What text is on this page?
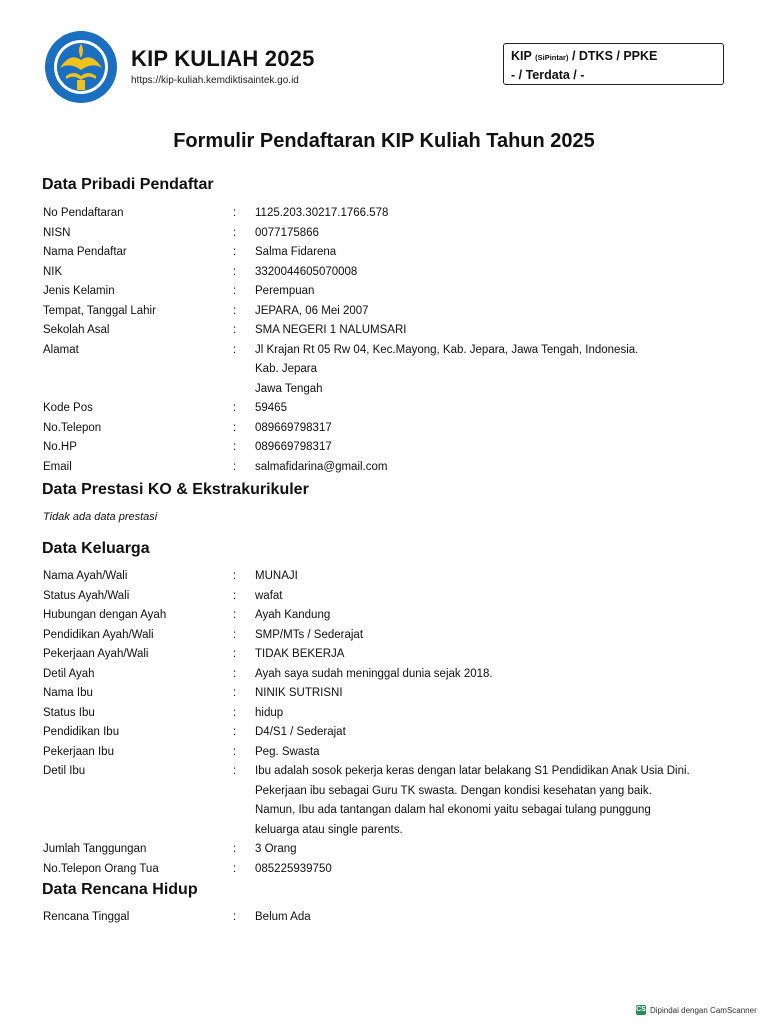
KIP KULIAH 2025
https://kip-kuliah.kemdiktisaintek.go.id
KIP (SiPintar) / DTKS / PPKE
- / Terdata / -
Formulir Pendaftaran KIP Kuliah Tahun 2025
Data Pribadi Pendaftar
No Pendaftaran	: 1125.203.30217.1766.578
NISN	: 0077175866
Nama Pendaftar	: Salma Fidarena
NIK	: 3320044605070008
Jenis Kelamin	: Perempuan
Tempat, Tanggal Lahir	: JEPARA, 06 Mei 2007
Sekolah Asal	: SMA NEGERI 1 NALUMSARI
Alamat	: Jl Krajan Rt 05 Rw 04, Kec.Mayong, Kab. Jepara, Jawa Tengah, Indonesia.
Kab. Jepara
Jawa Tengah
Kode Pos	: 59465
No.Telepon	: 089669798317
No.HP	: 089669798317
Email	: salmafidarina@gmail.com
Data Prestasi KO & Ekstrakurikuler
Tidak ada data prestasi
Data Keluarga
Nama Ayah/Wali	: MUNAJI
Status Ayah/Wali	: wafat
Hubungan dengan Ayah	: Ayah Kandung
Pendidikan Ayah/Wali	: SMP/MTs / Sederajat
Pekerjaan Ayah/Wali	: TIDAK BEKERJA
Detil Ayah	: Ayah saya sudah meninggal dunia sejak 2018.
Nama Ibu	: NINIK SUTRISNI
Status Ibu	: hidup
Pendidikan Ibu	: D4/S1 / Sederajat
Pekerjaan Ibu	: Peg. Swasta
Detil Ibu	: Ibu adalah sosok pekerja keras dengan latar belakang S1 Pendidikan Anak Usia Dini.
Pekerjaan ibu sebagai Guru TK swasta. Dengan kondisi kesehatan yang baik.
Namun, Ibu ada tantangan dalam hal ekonomi yaitu sebagai tulang punggung
keluarga atau single parents.
Jumlah Tanggungan	: 3 Orang
No.Telepon Orang Tua	: 085225939750
Data Rencana Hidup
Rencana Tinggal	: Belum Ada
CS Dipindai dengan CamScanner
